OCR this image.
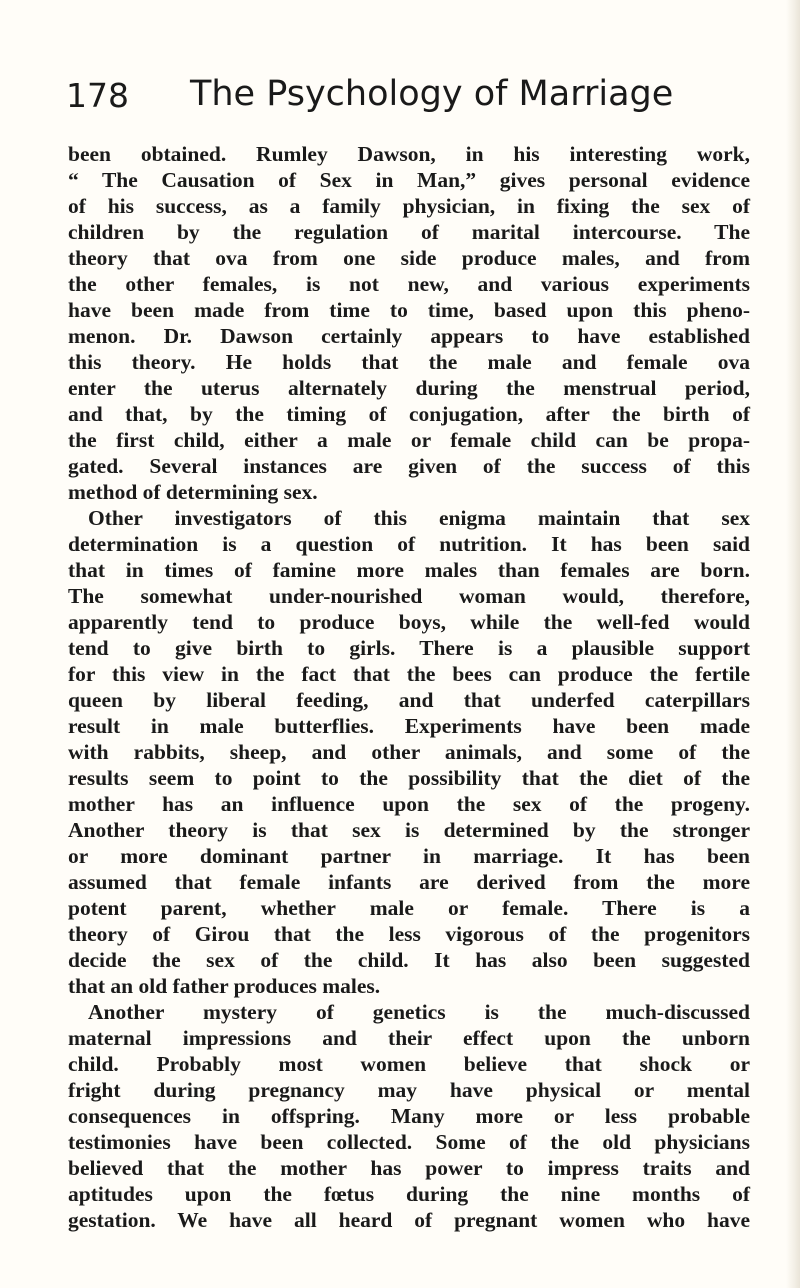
178 The Psychology of Marriage
been obtained. Rumley Dawson, in his interesting work,
“ The Causation of Sex in Man,” gives personal evidence
of his success, as a family physician, in fixing the sex of
children by the regulation of marital intercourse. The
theory that ova from one side produce males, and from
the other females, is not new, and various experiments
have been made from time to time, based upon this pheno-
menon. Dr. Dawson certainly appears to have established
this theory. He holds that the male and female ova
enter the uterus alternately during the menstrual period,
and that, by the timing of conjugation, after the birth of
the first child, either a male or female child can be propa-
gated. Several instances are given of the success of this
method of determining sex.
Other investigators of this enigma maintain that sex
determination is a question of nutrition. It has been said
that in times of famine more males than females are born.
The somewhat under-nourished woman would, therefore,
apparently tend to produce boys, while the well-fed would
tend to give birth to girls. There is a plausible support
for this view in the fact that the bees can produce the fertile
queen by liberal feeding, and that underfed caterpillars
result in male butterflies. Experiments have been made
with rabbits, sheep, and other animals, and some of the
results seem to point to the possibility that the diet of the
mother has an influence upon the sex of the progeny.
Another theory is that sex is determined by the stronger
or more dominant partner in marriage. It has been
assumed that female infants are derived from the more
potent parent, whether male or female. There is a
theory of Girou that the less vigorous of the progenitors
decide the sex of the child. It has also been suggested
that an old father produces males.
Another mystery of genetics is the much-discussed
maternal impressions and their effect upon the unborn
child. Probably most women believe that shock or
fright during pregnancy may have physical or mental
consequences in offspring. Many more or less probable
testimonies have been collected. Some of the old physicians
believed that the mother has power to impress traits and
aptitudes upon the fœtus during the nine months of
gestation. We have all heard of pregnant women who have
